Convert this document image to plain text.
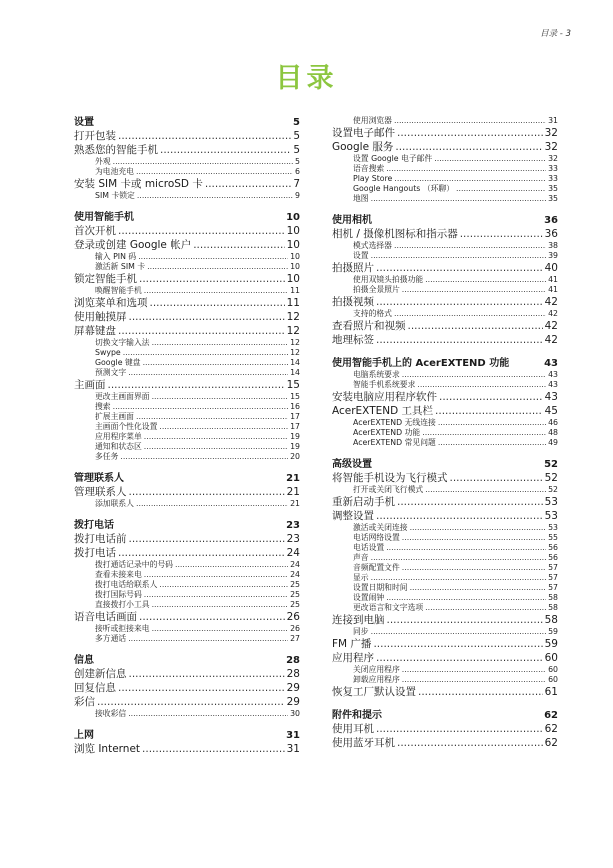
目录 - 3
目录
设置	5
打开包装 .....	5
熟悉您的智能手机 .....	5
外观 .....	5
为电池充电 .....	6
安装 SIM 卡或 microSD 卡 .....	7
SIM 卡锁定 .....	9
使用智能手机	10
首次开机 .....	10
登录或创建 Google 帐户 .....	10
输入 PIN 码 .....	10
激活新 SIM 卡 .....	10
锁定智能手机 .....	10
唤醒智能手机 .....	11
浏览菜单和选项 .....	11
使用触摸屏 .....	12
屏幕键盘 .....	12
切换文字输入法 .....	12
Swype .....	12
Google 键盘 .....	14
预测文字 .....	14
主画面 .....	15
更改主画面界面 .....	15
搜索 .....	16
扩展主画面 .....	17
主画面个性化设置 .....	17
应用程序菜单 .....	19
通知和状态区 .....	19
多任务 .....	20
管理联系人	21
管理联系人 .....	21
添加联系人 .....	21
拨打电话	23
拨打电话前 .....	23
拨打电话 .....	24
拨打通话记录中的号码 .....	24
查看未接来电 .....	24
拨打电话给联系人 .....	25
拨打国际号码 .....	25
直接拨打小工具 .....	25
语音电话画面 .....	26
接听或拒接来电 .....	26
多方通话 .....	27
信息	28
创建新信息 .....	28
回复信息 .....	29
彩信 .....	29
接收彩信 .....	30
上网	31
浏览 Internet .....	31
使用浏览器 .....	31
设置电子邮件 .....	32
Google 服务 .....	32
设置 Google 电子邮件 .....	32
语音搜索 .....	33
Play Store .....	33
Google Hangouts （环聊） .....	35
地图 .....	35
使用相机	36
相机 / 摄像机图标和指示器 .....	36
模式选择器 .....	38
设置 .....	39
拍摄照片 .....	40
使用双镜头拍摄功能 .....	41
拍摄全景照片 .....	41
拍摄视频 .....	42
支持的格式 .....	42
查看照片和视频 .....	42
地理标签 .....	42
使用智能手机上的 AcerEXTEND 功能	43
电脑系统要求 .....	43
智能手机系统要求 .....	43
安装电脑应用程序软件 .....	43
AcerEXTEND 工具栏 .....	45
AcerEXTEND 无线连接 .....	46
AcerEXTEND 功能 .....	48
AcerEXTEND 常见问题 .....	49
高级设置	52
将智能手机设为飞行模式 .....	52
打开或关闭飞行模式 .....	52
重新启动手机 .....	53
调整设置 .....	53
激活或关闭连接 .....	53
电话网络设置 .....	55
电话设置 .....	56
声音 .....	56
音频配置文件 .....	57
显示 .....	57
设置日期和时间 .....	57
设置闹钟 .....	58
更改语言和文字选项 .....	58
连接到电脑 .....	58
同步 .....	59
FM 广播 .....	59
应用程序 .....	60
关闭应用程序 .....	60
卸载应用程序 .....	60
恢复工厂默认设置 .....	61
附件和提示	62
使用耳机 .....	62
使用蓝牙耳机 .....	62
